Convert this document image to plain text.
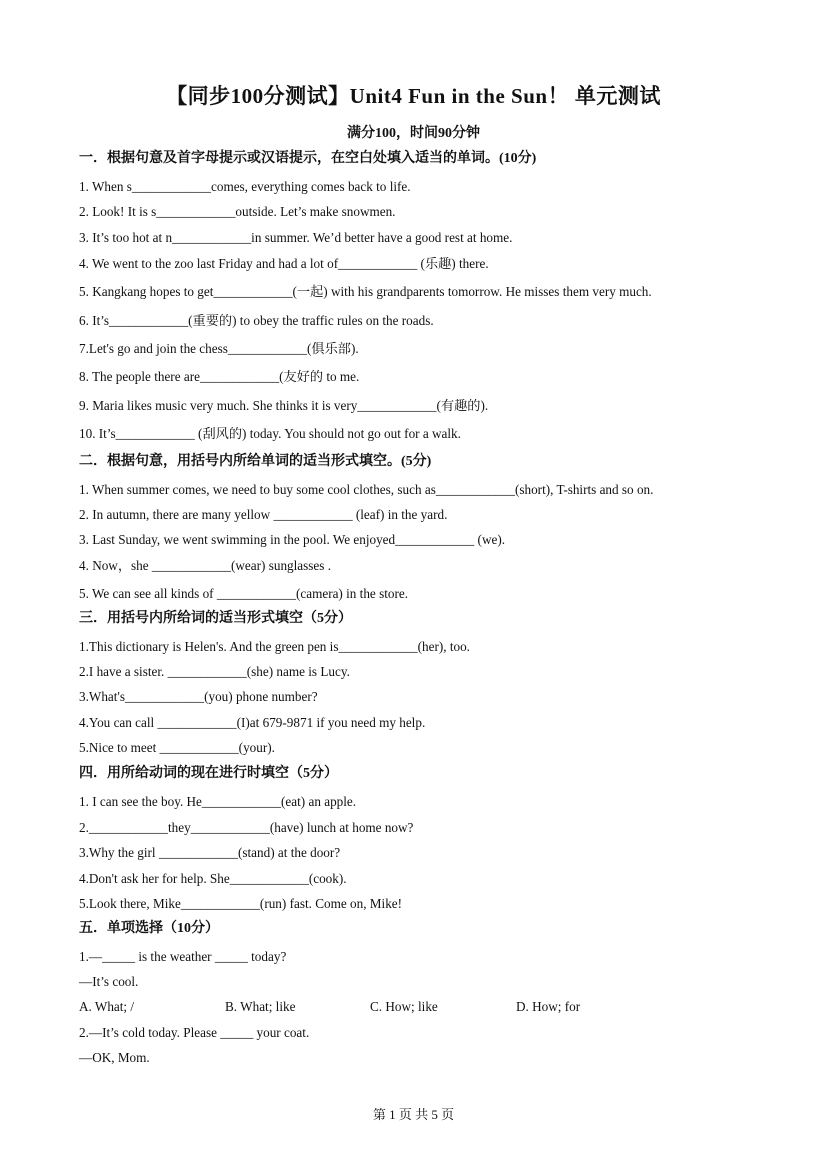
【同步100分测试】Unit4 Fun in the Sun！ 单元测试
满分100，时间90分钟
一．根据句意及首字母提示或汉语提示，在空白处填入适当的单词。(10分)
1. When s____________comes, everything comes back to life.
2. Look! It is s____________outside. Let’s make snowmen.
3. It’s too hot at n____________in summer. We’d better have a good rest at home.
4. We went to the zoo last Friday and had a lot of____________ (乐趣) there.
5. Kangkang hopes to get____________(一起) with his grandparents tomorrow. He misses them very much.
6. It’s____________(重要的) to obey the traffic rules on the roads.
7.Let's go and join the chess____________(俱乐部).
8. The people there are____________(友好的 to me.
9. Maria likes music very much. She thinks it is very____________(有趣的).
10. It’s____________ (刮风的) today. You should not go out for a walk.
二．根据句意，用括号内所给单词的适当形式填空。(5分)
1. When summer comes, we need to buy some cool clothes, such as____________(short), T-shirts and so on.
2. In autumn, there are many yellow ____________ (leaf) in the yard.
3. Last Sunday, we went swimming in the pool. We enjoyed____________ (we).
4. Now，she ____________(wear) sunglasses .
5. We can see all kinds of ____________(camera) in the store.
三．用括号内所给词的适当形式填空（5分）
1.This dictionary is Helen's. And the green pen is____________(her), too.
2.I have a sister. ____________(she) name is Lucy.
3.What's____________(you) phone number?
4.You can call ____________(I)at 679-9871 if you need my help.
5.Nice to meet ____________(your).
四．用所给动词的现在进行时填空（5分）
1. I can see the boy. He____________(eat) an apple.
2.____________they____________(have) lunch at home now?
3.Why the girl ____________(stand) at the door?
4.Don't ask her for help. She____________(cook).
5.Look there, Mike____________(run) fast. Come on, Mike!
五．单项选择（10分）
1.—_____ is the weather _____ today?
—It’s cool.
A. What; /	B. What; like	C. How; like	D. How; for
2.—It’s cold today. Please _____ your coat.
—OK, Mom.
第 1 页 共 5 页
